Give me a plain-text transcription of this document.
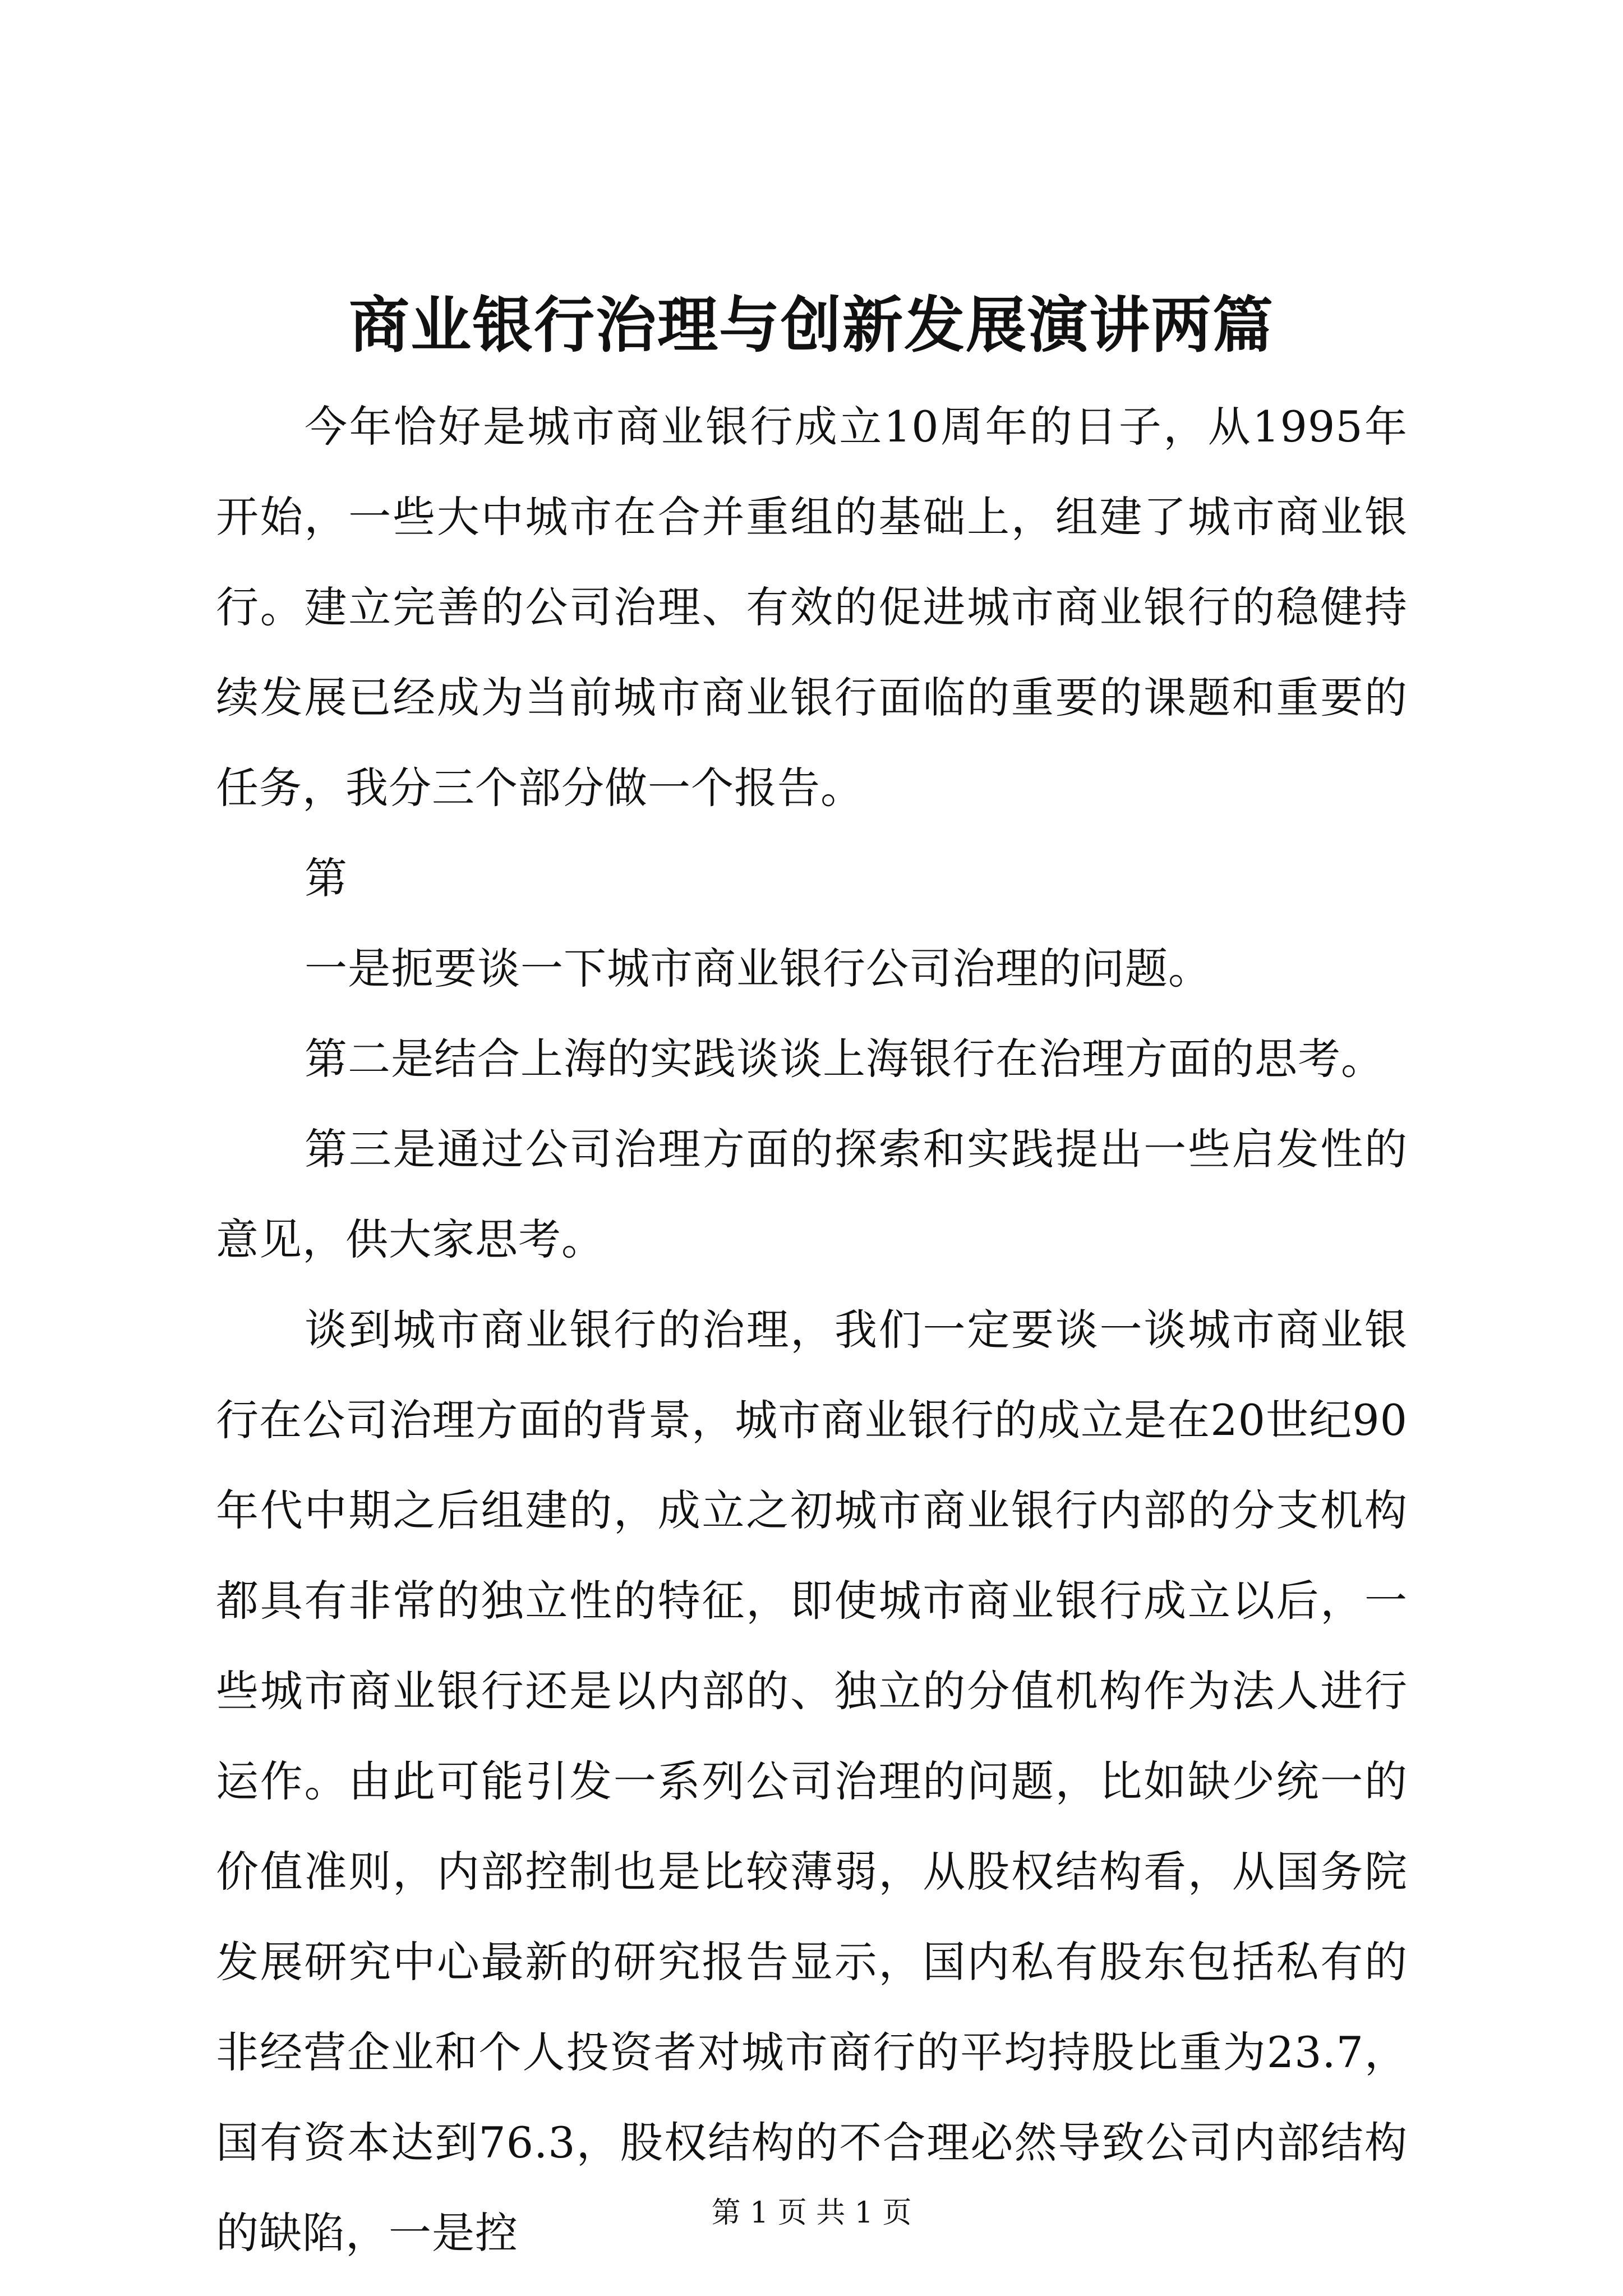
商业银行治理与创新发展演讲两篇

今年恰好是城市商业银行成立10周年的日子，从1995年开始，一些大中城市在合并重组的基础上，组建了城市商业银行。建立完善的公司治理、有效的促进城市商业银行的稳健持续发展已经成为当前城市商业银行面临的重要的课题和重要的任务，我分三个部分做一个报告。

第

一是扼要谈一下城市商业银行公司治理的问题。

第二是结合上海的实践谈谈上海银行在治理方面的思考。

第三是通过公司治理方面的探索和实践提出一些启发性的意见，供大家思考。

谈到城市商业银行的治理，我们一定要谈一谈城市商业银行在公司治理方面的背景，城市商业银行的成立是在20世纪90年代中期之后组建的，成立之初城市商业银行内部的分支机构都具有非常的独立性的特征，即使城市商业银行成立以后，一些城市商业银行还是以内部的、独立的分值机构作为法人进行运作。由此可能引发一系列公司治理的问题，比如缺少统一的价值准则，内部控制也是比较薄弱，从股权结构看，从国务院发展研究中心最新的研究报告显示，国内私有股东包括私有的非经营企业和个人投资者对城市商行的平均持股比重为23.7，国有资本达到76.3，股权结构的不合理必然导致公司内部结构的缺陷，一是控	第 1 页 共 1 页
